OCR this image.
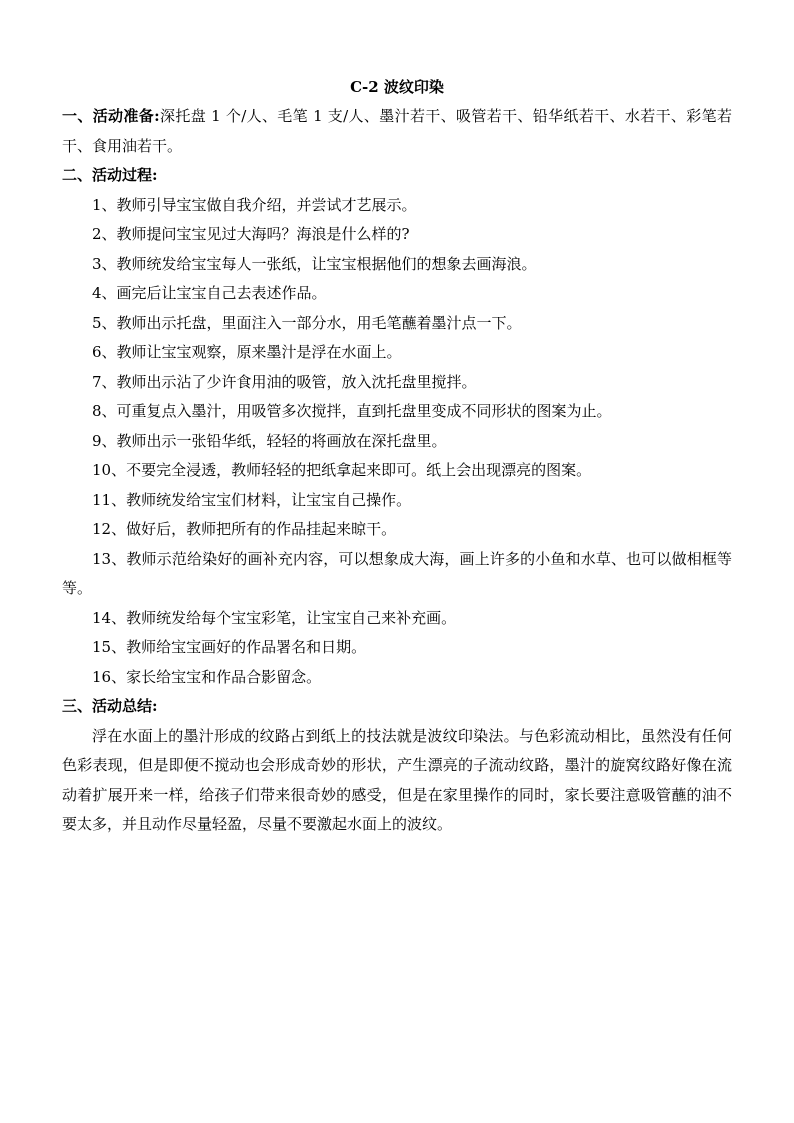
C-2 波纹印染

一、活动准备:深托盘 1 个/人、毛笔 1 支/人、墨汁若干、吸管若干、铅华纸若干、水若干、彩笔若干、食用油若干。

二、活动过程:

1、教师引导宝宝做自我介绍，并尝试才艺展示。
2、教师提问宝宝见过大海吗？海浪是什么样的?
3、教师统发给宝宝每人一张纸，让宝宝根据他们的想象去画海浪。
4、画完后让宝宝自己去表述作品。
5、教师出示托盘，里面注入一部分水，用毛笔蘸着墨汁点一下。
6、教师让宝宝观察，原来墨汁是浮在水面上。
7、教师出示沾了少许食用油的吸管，放入沈托盘里搅拌。
8、可重复点入墨汁，用吸管多次搅拌，直到托盘里变成不同形状的图案为止。
9、教师出示一张铅华纸，轻轻的将画放在深托盘里。
10、不要完全浸透，教师轻轻的把纸拿起来即可。纸上会出现漂亮的图案。
11、教师统发给宝宝们材料，让宝宝自己操作。
12、做好后，教师把所有的作品挂起来晾干。
13、教师示范给染好的画补充内容，可以想象成大海，画上许多的小鱼和水草、也可以做相框等等。
14、教师统发给每个宝宝彩笔，让宝宝自己来补充画。
15、教师给宝宝画好的作品署名和日期。
16、家长给宝宝和作品合影留念。

三、活动总结:

浮在水面上的墨汁形成的纹路占到纸上的技法就是波纹印染法。与色彩流动相比，虽然没有任何色彩表现，但是即便不搅动也会形成奇妙的形状，产生漂亮的子流动纹路，墨汁的旋窝纹路好像在流动着扩展开来一样，给孩子们带来很奇妙的感受，但是在家里操作的同时，家长要注意吸管蘸的油不要太多，并且动作尽量轻盈，尽量不要激起水面上的波纹。
